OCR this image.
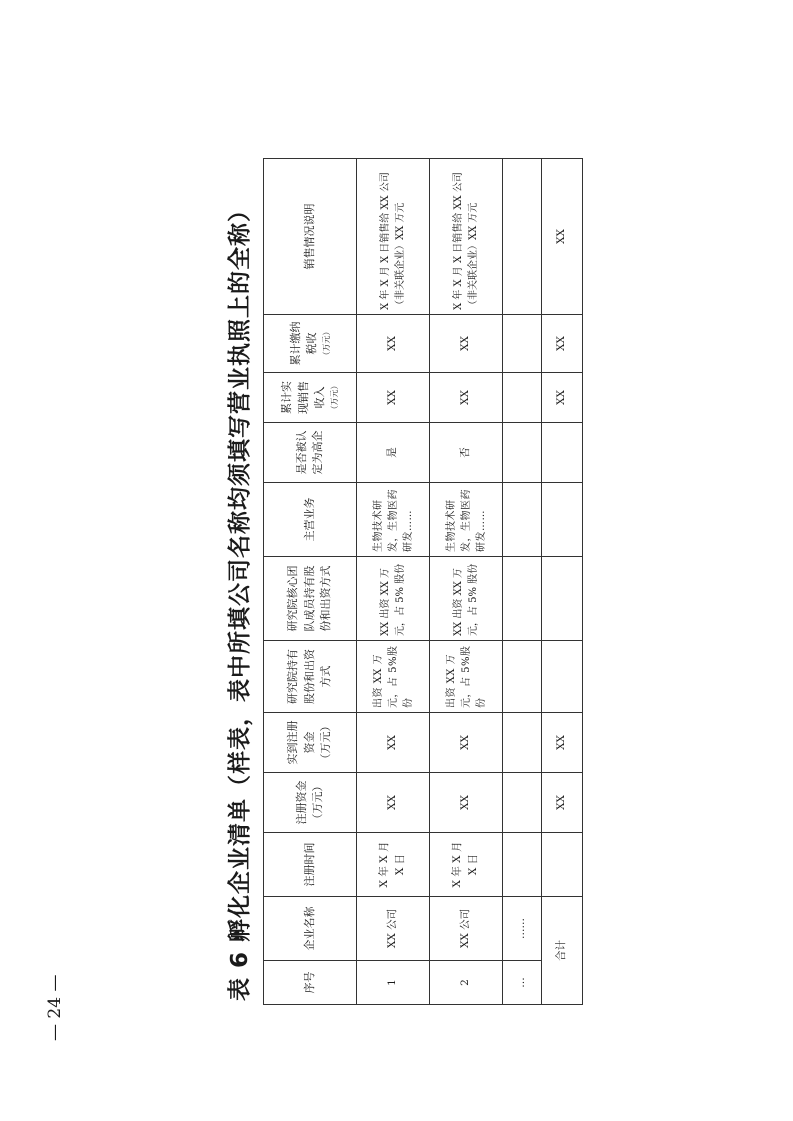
表 6 孵化企业清单（样表，表中所填公司名称均须填写营业执照上的全称）	序号	企业名称	注册时间	注册资金 （万元）	实到注册资金 （万元）	研究院持有股份和出资方式	研究院核心团队成员持有股份和出资方式	主营业务	是否被认定为高企	累计实现销售收入 （万元）	累计缴纳税收 （万元）	销售情况说明
1	XX 公司	X 年 X 月 X 日	XX	XX	出资 XX 万元，占 5%股份	XX 出资 XX 万元，占 5% 股份	生物技术研发，生物医药研发……	是	XX	XX	X 年 X 月 X 日销售给 XX 公司（非关联企业）XX 万元
2	XX 公司	X 年 X 月 X 日	XX	XX	出资 XX 万元，占 5%股份	XX 出资 XX 万元，占 5% 股份	生物技术研发，生物医药研发……	否	XX	XX	X 年 X 月 X 日销售给 XX 公司（非关联企业）XX 万元
…	……										
合计			XX	XX					XX	XX	XX
— 24 —
